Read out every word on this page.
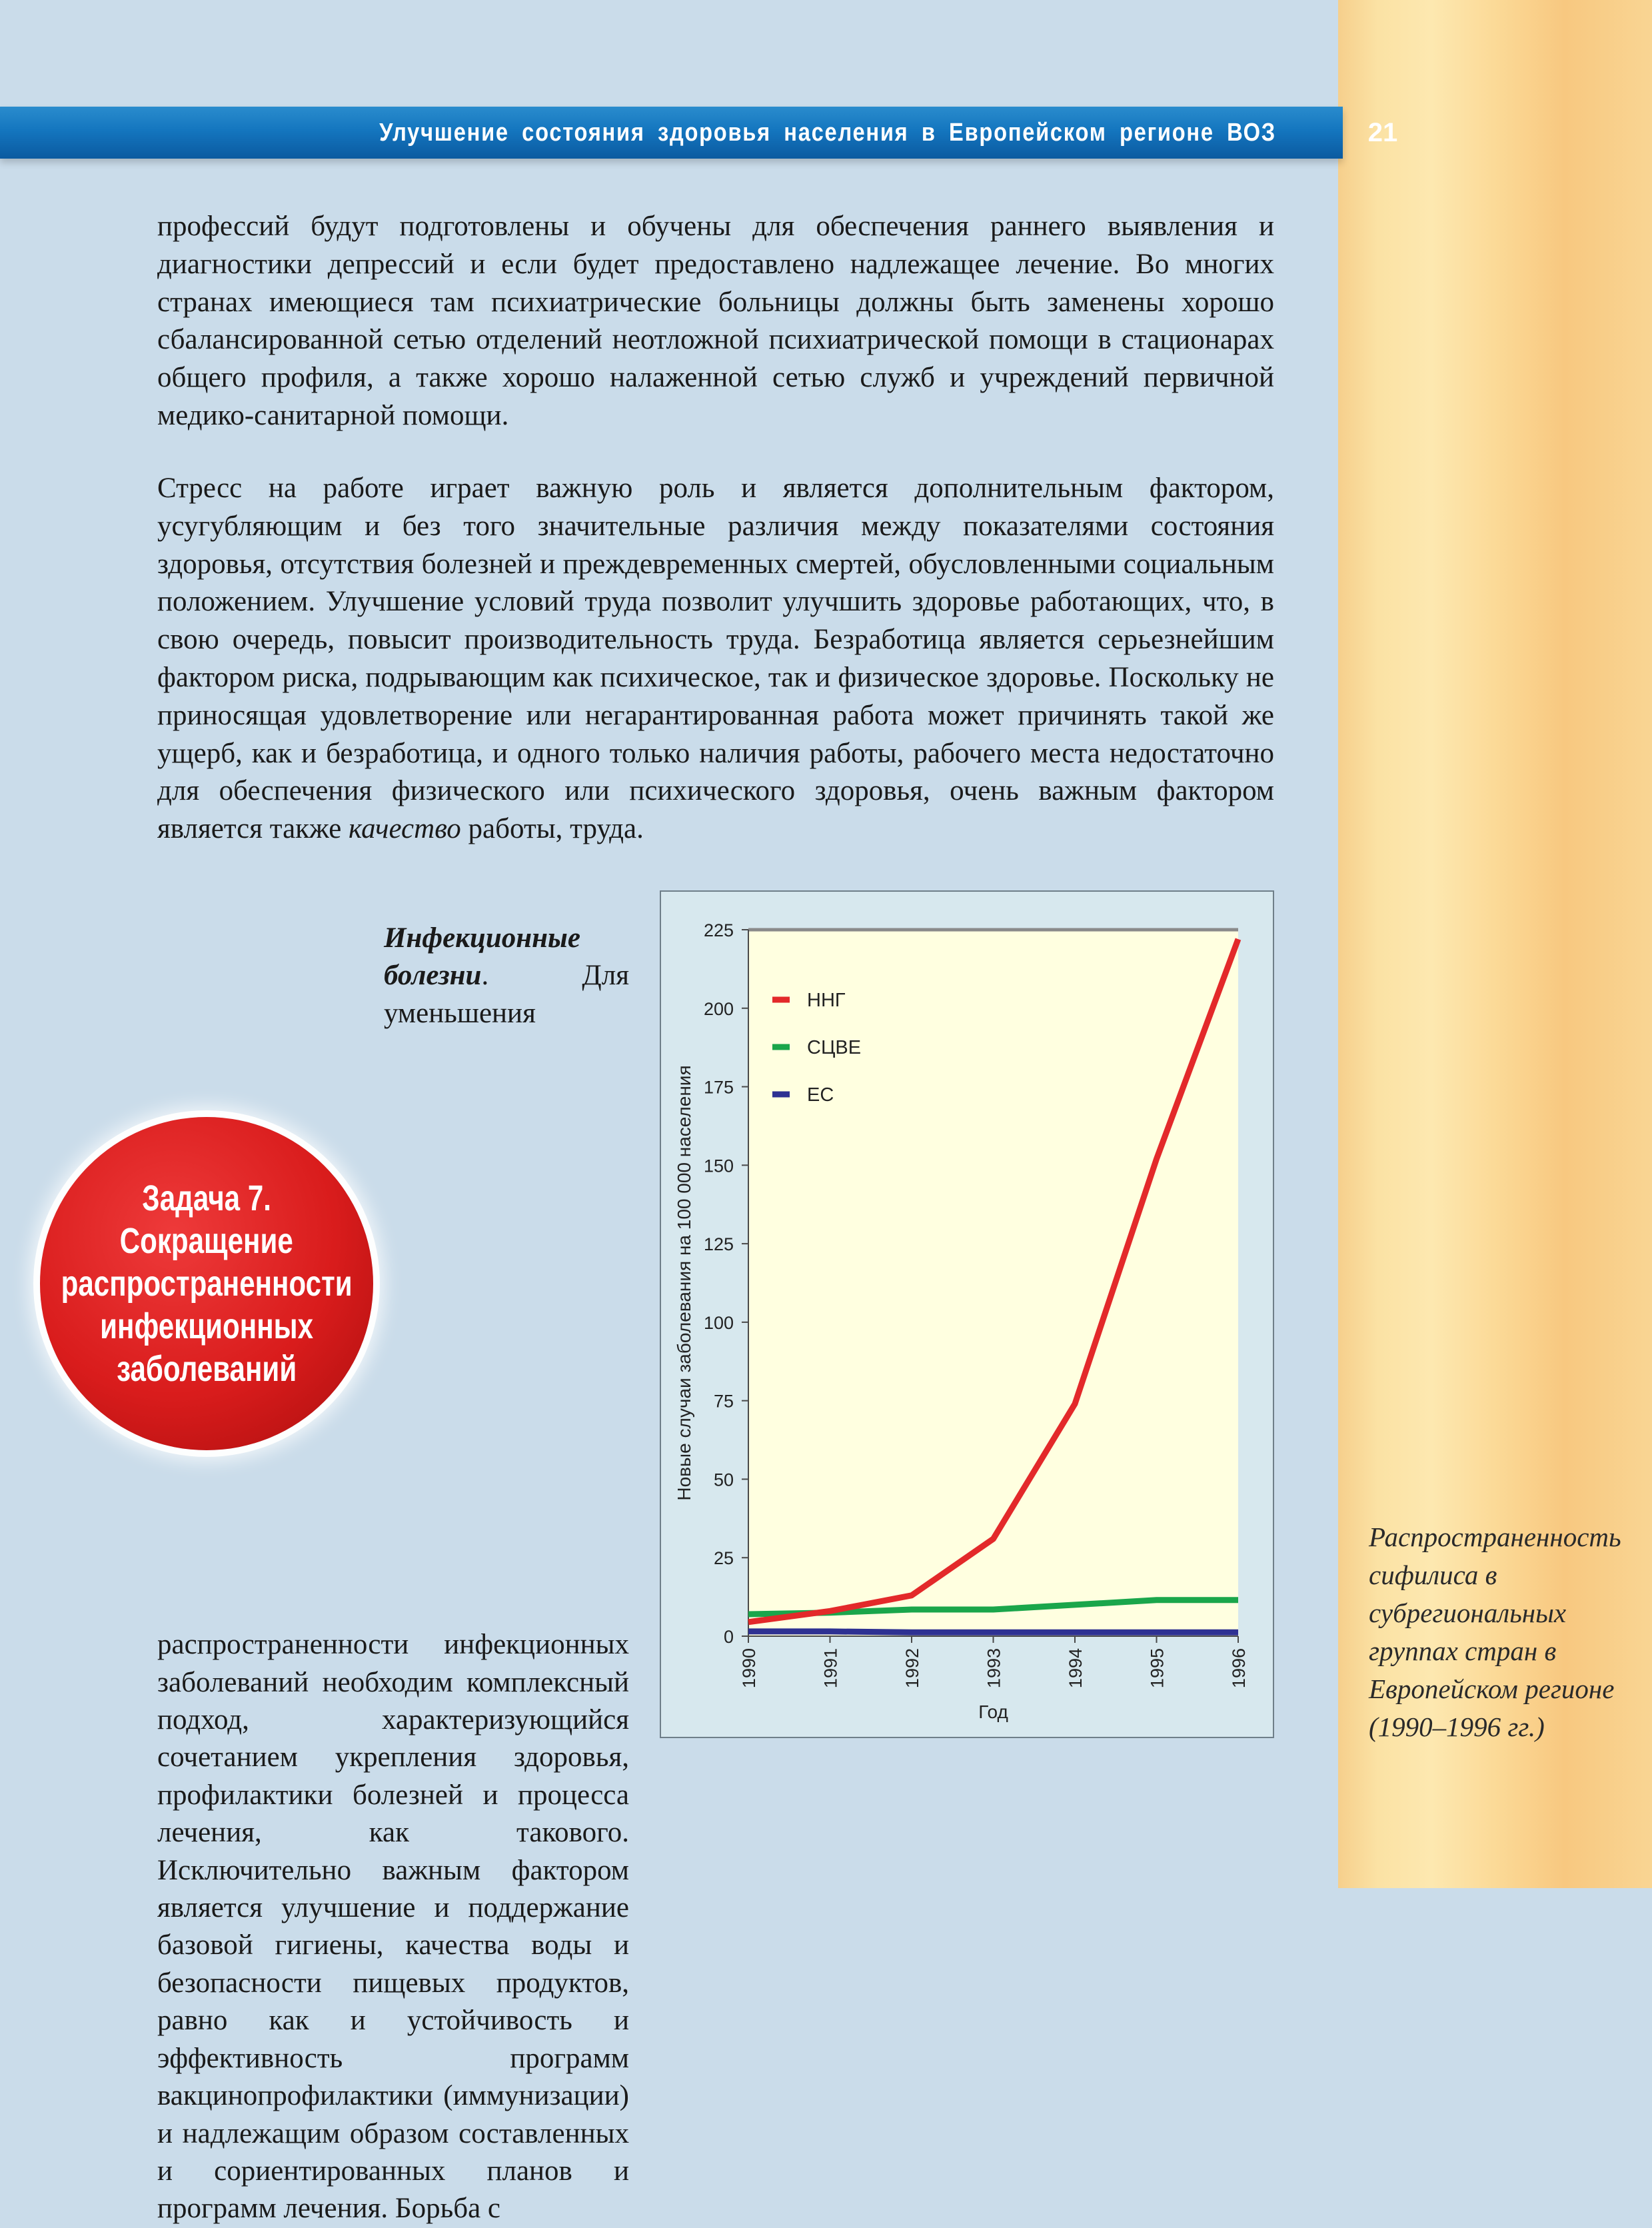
Улучшение состояния здоровья населения в Европейском регионе ВОЗ	21

профессий будут подготовлены и обучены для обеспечения раннего выявления и диагностики депрессий и если будет предоставлено надлежащее лечение. Во многих странах имеющиеся там психиатрические больницы должны быть заменены хорошо сбалансированной сетью отделений неотложной психиатрической помощи в стационарах общего профиля, а также хорошо налаженной сетью служб и учреждений первичной медико-санитарной помощи.

Стресс на работе играет важную роль и является дополнительным фактором, усугубляющим и без того значительные различия между показателями состояния здоровья, отсутствия болезней и преждевременных смертей, обусловленными социальным положением. Улучшение условий труда позволит улучшить здоровье работающих, что, в свою очередь, повысит производительность труда. Безработица является серьезнейшим фактором риска, подрывающим как психическое, так и физическое здоровье. Поскольку не приносящая удовлетворение или негарантированная работа может причинять такой же ущерб, как и безработица, и одного только наличия работы, рабочего места недостаточно для обеспечения физического или психического здоровья, очень важным фактором является также качество работы, труда.

Инфекционные болезни. Для уменьшения распространенности инфекционных заболеваний необходим комплексный подход, характеризующийся сочетанием укрепления здоровья, профилактики болезней и процесса лечения, как такового. Исключительно важным фактором является улучшение и поддержание базовой гигиены, качества воды и безопасности пищевых продуктов, равно как и устойчивость и эффективность программ вакцинопрофилактики (иммунизации) и надлежащим образом составленных и сориентированных планов и программ лечения. Борьба с
Задача 7.
Сокращение
распространенности
инфекционных
заболеваний
0
25
50
75
100
125
150
175
200
225
1990	1991	1992	1993	1994	1995	1996
Год
Новые случаи заболевания на 100 000 населения
ННГ
СЦВЕ
ЕС
Распространенность
сифилиса в
субрегиональных
группах стран в
Европейском регионе
(1990–1996 гг.)
